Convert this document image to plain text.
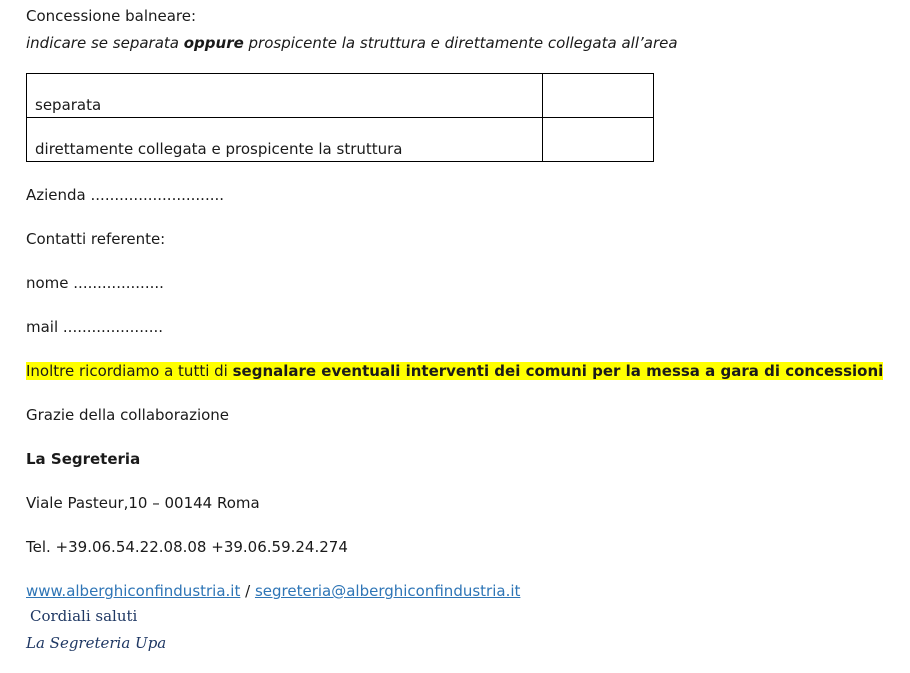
Concessione balneare:
indicare se separata oppure prospicente la struttura e direttamente collegata all’area
separata	
direttamente collegata e prospicente la struttura	
Azienda ............................
Contatti referente:
nome ...................
mail .....................
Inoltre ricordiamo a tutti di segnalare eventuali interventi dei comuni per la messa a gara di concessioni
Grazie della collaborazione
La Segreteria
Viale Pasteur,10 – 00144 Roma
Tel. +39.06.54.22.08.08 +39.06.59.24.274
www.alberghiconfindustria.it / segreteria@alberghiconfindustria.it
Cordiali saluti
La Segreteria Upa
